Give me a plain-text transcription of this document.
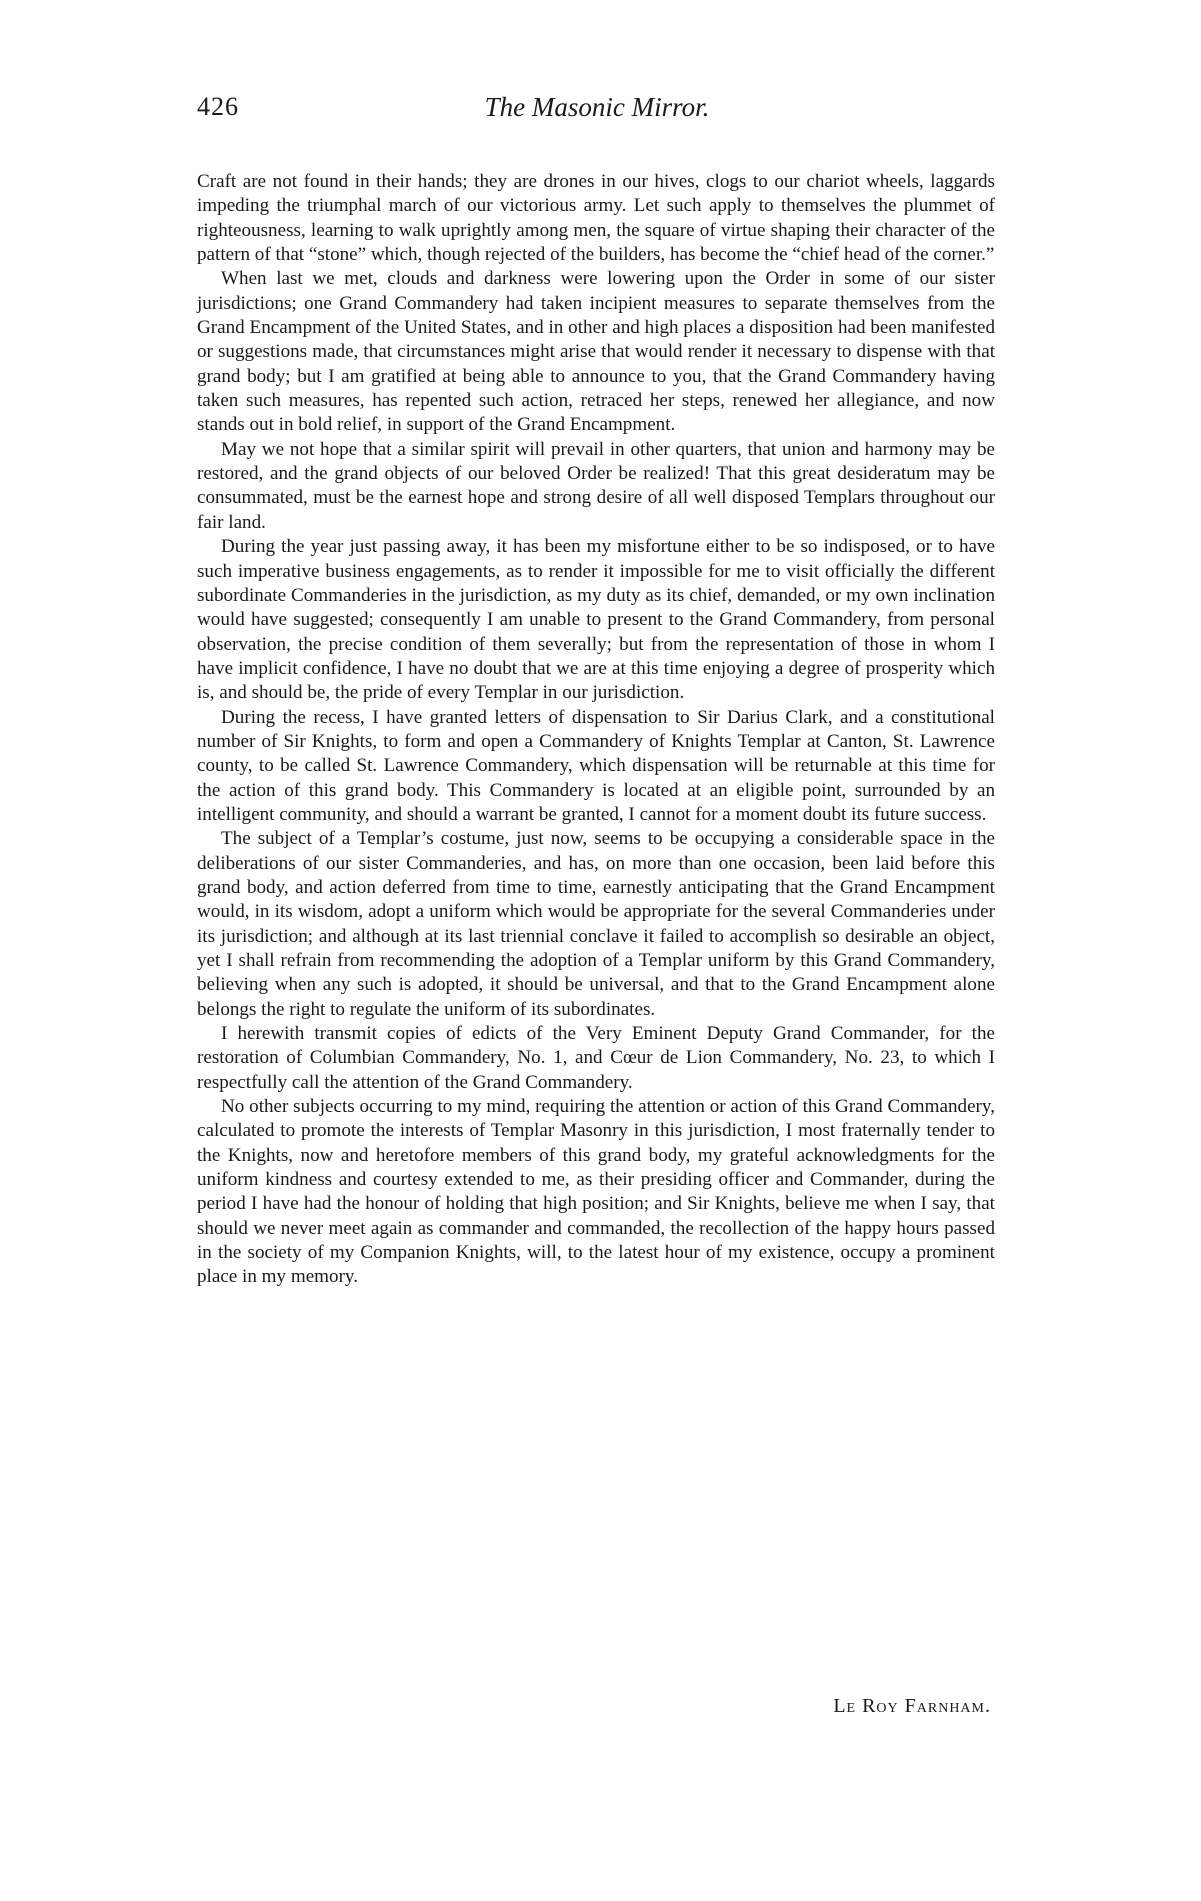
426	The Masonic Mirror.

Craft are not found in their hands; they are drones in our hives, clogs to our chariot wheels, laggards impeding the triumphal march of our victorious army. Let such apply to themselves the plummet of righteousness, learning to walk uprightly among men, the square of virtue shaping their character of the pattern of that “stone” which, though rejected of the builders, has become the “chief head of the corner.”

When last we met, clouds and darkness were lowering upon the Order in some of our sister jurisdictions; one Grand Commandery had taken incipient measures to separate themselves from the Grand Encampment of the United States, and in other and high places a disposition had been manifested or suggestions made, that circumstances might arise that would render it necessary to dispense with that grand body; but I am gratified at being able to announce to you, that the Grand Commandery having taken such measures, has repented such action, retraced her steps, renewed her allegiance, and now stands out in bold relief, in support of the Grand Encampment.

May we not hope that a similar spirit will prevail in other quarters, that union and harmony may be restored, and the grand objects of our beloved Order be realized! That this great desideratum may be consummated, must be the earnest hope and strong desire of all well disposed Templars throughout our fair land.

During the year just passing away, it has been my misfortune either to be so indisposed, or to have such imperative business engagements, as to render it impossible for me to visit officially the different subordinate Commanderies in the jurisdiction, as my duty as its chief, demanded, or my own inclination would have suggested; consequently I am unable to present to the Grand Commandery, from personal observation, the precise condition of them severally; but from the representation of those in whom I have implicit confidence, I have no doubt that we are at this time enjoying a degree of prosperity which is, and should be, the pride of every Templar in our jurisdiction.

During the recess, I have granted letters of dispensation to Sir Darius Clark, and a constitutional number of Sir Knights, to form and open a Commandery of Knights Templar at Canton, St. Lawrence county, to be called St. Lawrence Commandery, which dispensation will be returnable at this time for the action of this grand body. This Commandery is located at an eligible point, surrounded by an intelligent community, and should a warrant be granted, I cannot for a moment doubt its future success.

The subject of a Templar’s costume, just now, seems to be occupying a considerable space in the deliberations of our sister Commanderies, and has, on more than one occasion, been laid before this grand body, and action deferred from time to time, earnestly anticipating that the Grand Encampment would, in its wisdom, adopt a uniform which would be appropriate for the several Commanderies under its jurisdiction; and although at its last triennial conclave it failed to accomplish so desirable an object, yet I shall refrain from recommending the adoption of a Templar uniform by this Grand Commandery, believing when any such is adopted, it should be universal, and that to the Grand Encampment alone belongs the right to regulate the uniform of its subordinates.

I herewith transmit copies of edicts of the Very Eminent Deputy Grand Commander, for the restoration of Columbian Commandery, No. 1, and Cœur de Lion Commandery, No. 23, to which I respectfully call the attention of the Grand Commandery.

No other subjects occurring to my mind, requiring the attention or action of this Grand Commandery, calculated to promote the interests of Templar Masonry in this jurisdiction, I most fraternally tender to the Knights, now and heretofore members of this grand body, my grateful acknowledgments for the uniform kindness and courtesy extended to me, as their presiding officer and Commander, during the period I have had the honour of holding that high position; and Sir Knights, believe me when I say, that should we never meet again as commander and commanded, the recollection of the happy hours passed in the society of my Companion Knights, will, to the latest hour of my existence, occupy a prominent place in my memory.

Le Roy Farnham.
